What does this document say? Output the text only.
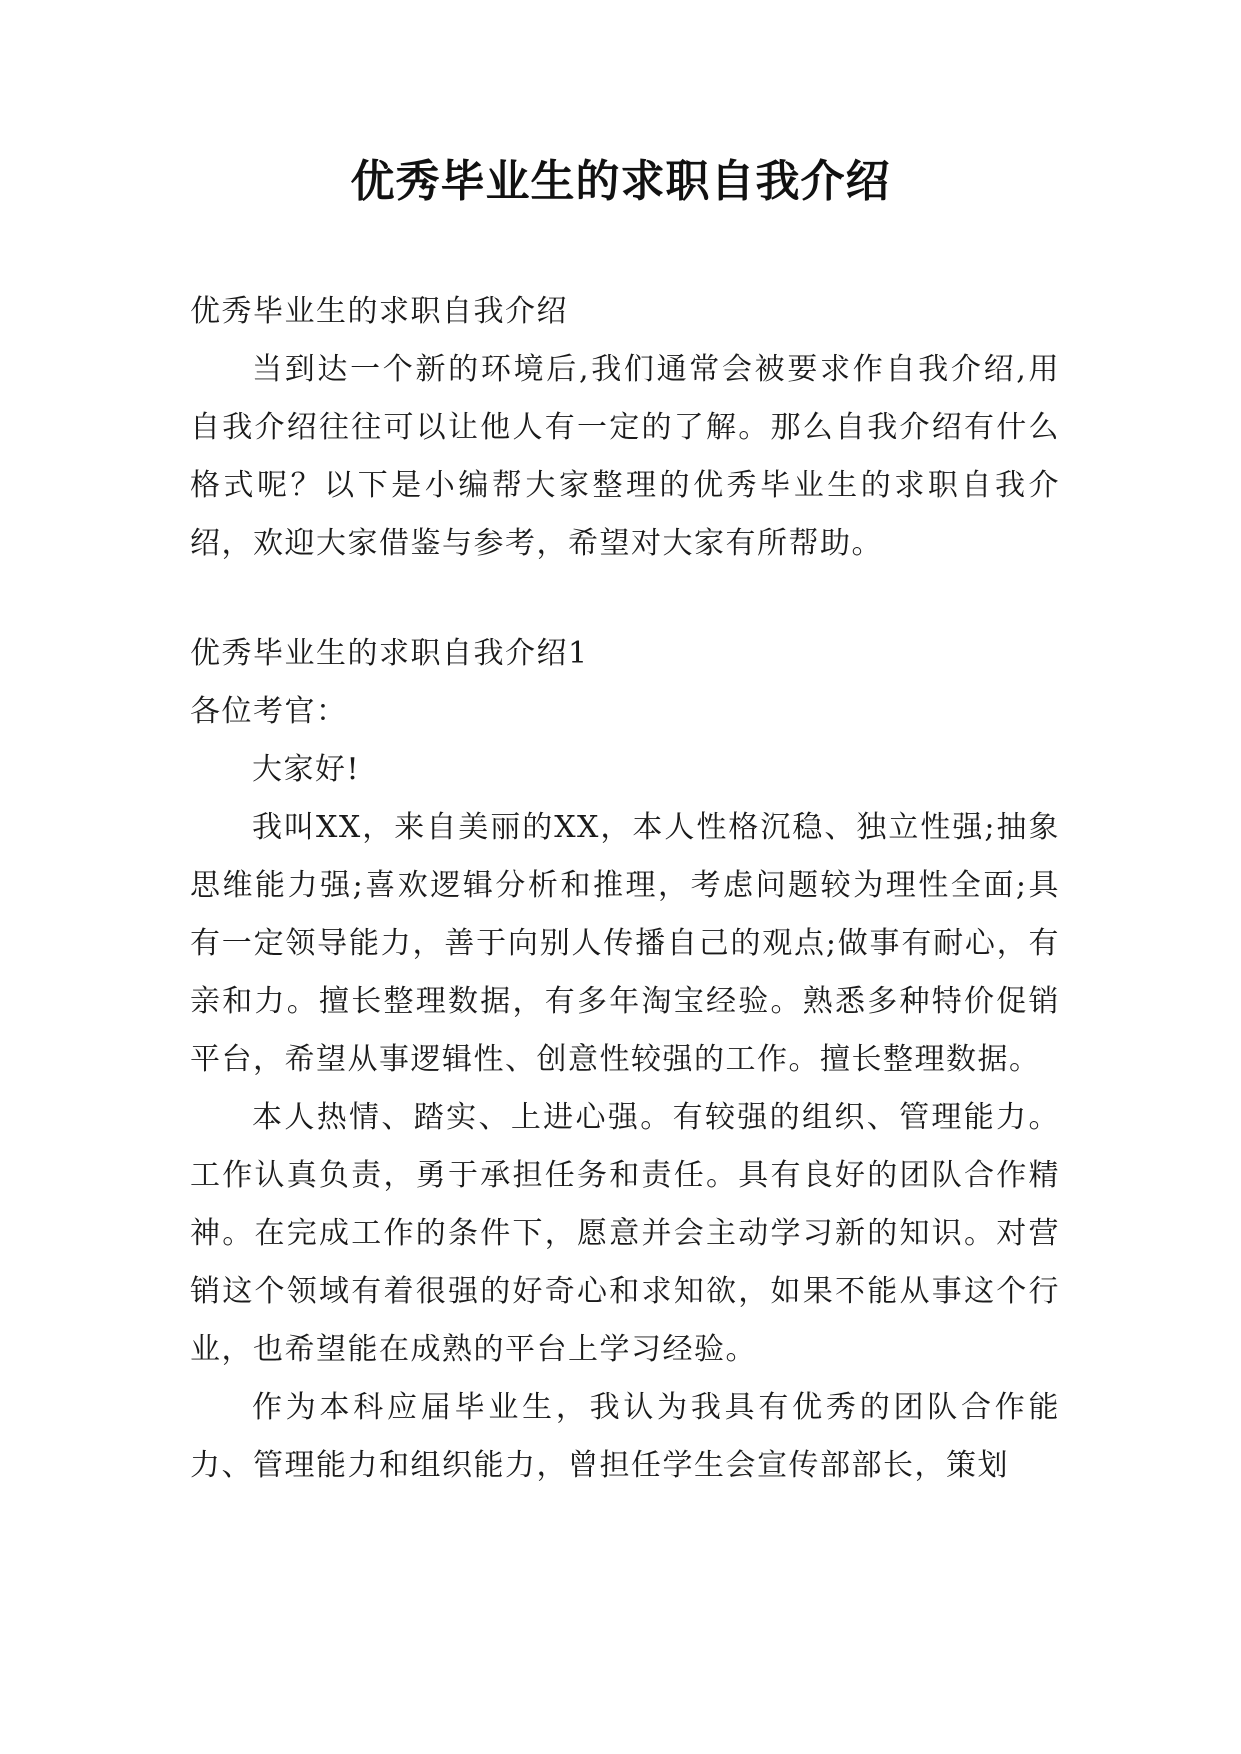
优秀毕业生的求职自我介绍

优秀毕业生的求职自我介绍

当到达一个新的环境后,我们通常会被要求作自我介绍,用自我介绍往往可以让他人有一定的了解。那么自我介绍有什么格式呢？以下是小编帮大家整理的优秀毕业生的求职自我介绍，欢迎大家借鉴与参考，希望对大家有所帮助。

优秀毕业生的求职自我介绍1

各位考官：

大家好!

我叫XX，来自美丽的XX，本人性格沉稳、独立性强;抽象思维能力强;喜欢逻辑分析和推理，考虑问题较为理性全面;具有一定领导能力，善于向别人传播自己的观点;做事有耐心，有亲和力。擅长整理数据，有多年淘宝经验。熟悉多种特价促销平台，希望从事逻辑性、创意性较强的工作。擅长整理数据。

本人热情、踏实、上进心强。有较强的组织、管理能力。工作认真负责，勇于承担任务和责任。具有良好的团队合作精神。在完成工作的条件下，愿意并会主动学习新的知识。对营销这个领域有着很强的好奇心和求知欲，如果不能从事这个行业，也希望能在成熟的平台上学习经验。

作为本科应届毕业生，我认为我具有优秀的团队合作能力、管理能力和组织能力，曾担任学生会宣传部部长，策划
